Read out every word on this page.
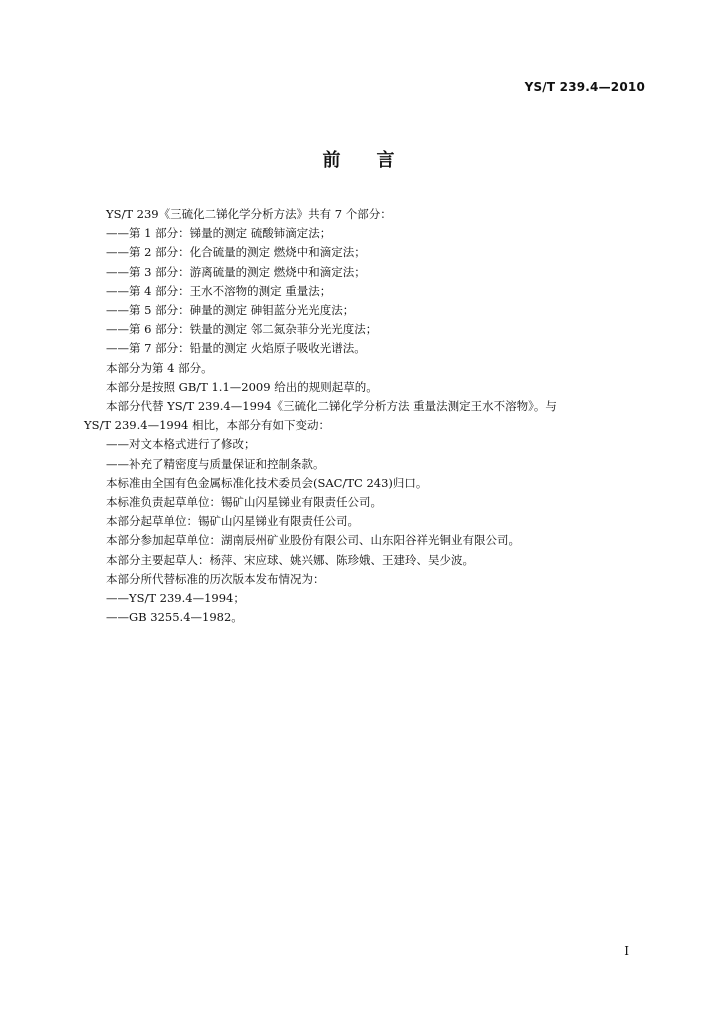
YS/T 239.4—2010
前言

YS/T 239《三硫化二锑化学分析方法》共有 7 个部分：

——第 1 部分：锑量的测定 硫酸铈滴定法；

——第 2 部分：化合硫量的测定 燃烧中和滴定法；

——第 3 部分：游离硫量的测定 燃烧中和滴定法；

——第 4 部分：王水不溶物的测定 重量法；

——第 5 部分：砷量的测定 砷钼蓝分光光度法；

——第 6 部分：铁量的测定 邻二氮杂菲分光光度法；

——第 7 部分：铅量的测定 火焰原子吸收光谱法。

本部分为第 4 部分。

本部分是按照 GB/T 1.1—2009 给出的规则起草的。

本部分代替 YS/T 239.4—1994《三硫化二锑化学分析方法 重量法测定王水不溶物》。与

YS/T 239.4—1994 相比，本部分有如下变动：

——对文本格式进行了修改；

——补充了精密度与质量保证和控制条款。

本标准由全国有色金属标准化技术委员会(SAC/TC 243)归口。

本标准负责起草单位：锡矿山闪星锑业有限责任公司。

本部分起草单位：锡矿山闪星锑业有限责任公司。

本部分参加起草单位：湖南辰州矿业股份有限公司、山东阳谷祥光铜业有限公司。

本部分主要起草人：杨萍、宋应球、姚兴娜、陈珍娥、王建玲、吴少波。

本部分所代替标准的历次版本发布情况为：

——YS/T 239.4—1994；

——GB 3255.4—1982。

I
